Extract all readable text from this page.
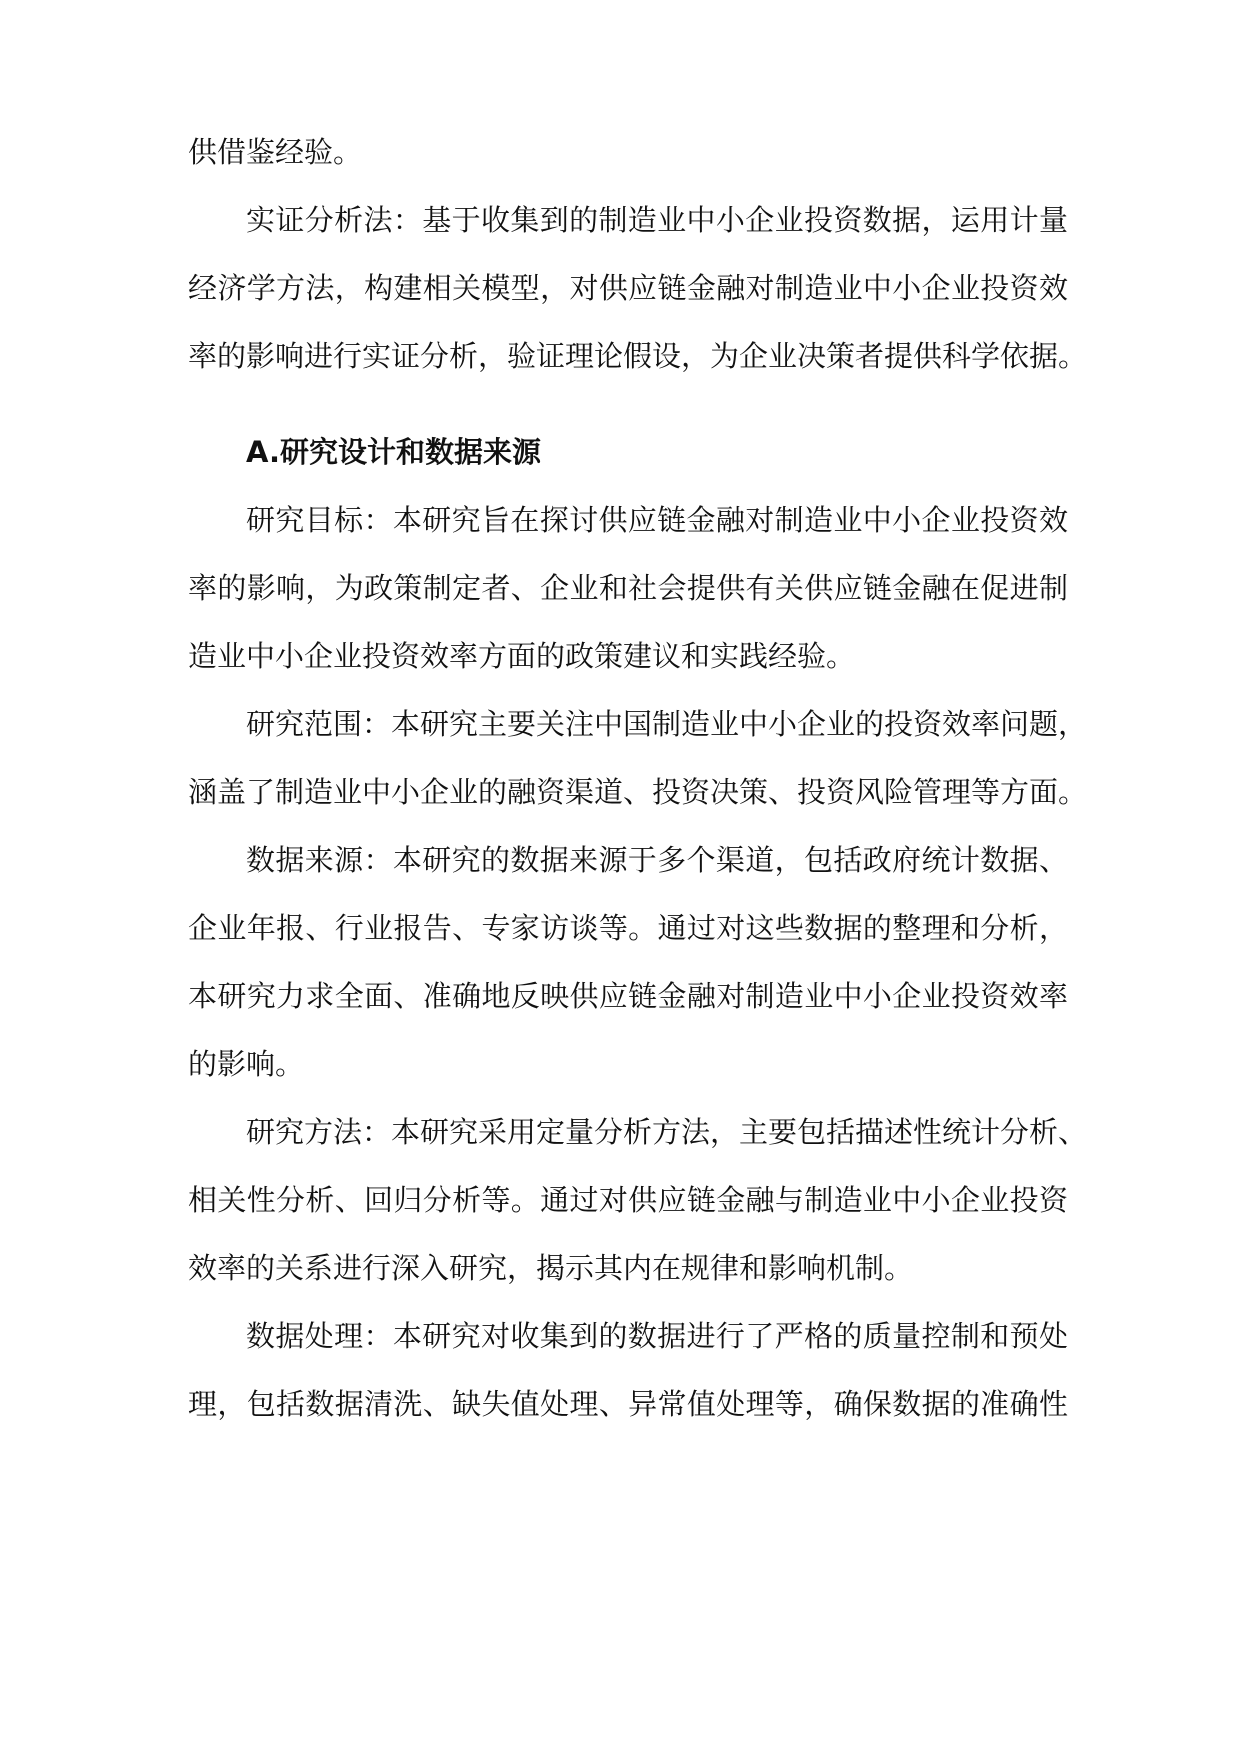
供借鉴经验。
实证分析法：基于收集到的制造业中小企业投资数据，运用计量
经济学方法，构建相关模型，对供应链金融对制造业中小企业投资效
率的影响进行实证分析，验证理论假设，为企业决策者提供科学依据。
A.研究设计和数据来源
研究目标：本研究旨在探讨供应链金融对制造业中小企业投资效
率的影响，为政策制定者、企业和社会提供有关供应链金融在促进制
造业中小企业投资效率方面的政策建议和实践经验。
研究范围：本研究主要关注中国制造业中小企业的投资效率问题，
涵盖了制造业中小企业的融资渠道、投资决策、投资风险管理等方面。
数据来源：本研究的数据来源于多个渠道，包括政府统计数据、
企业年报、行业报告、专家访谈等。通过对这些数据的整理和分析，
本研究力求全面、准确地反映供应链金融对制造业中小企业投资效率
的影响。
研究方法：本研究采用定量分析方法，主要包括描述性统计分析、
相关性分析、回归分析等。通过对供应链金融与制造业中小企业投资
效率的关系进行深入研究，揭示其内在规律和影响机制。
数据处理：本研究对收集到的数据进行了严格的质量控制和预处
理，包括数据清洗、缺失值处理、异常值处理等，确保数据的准确性
